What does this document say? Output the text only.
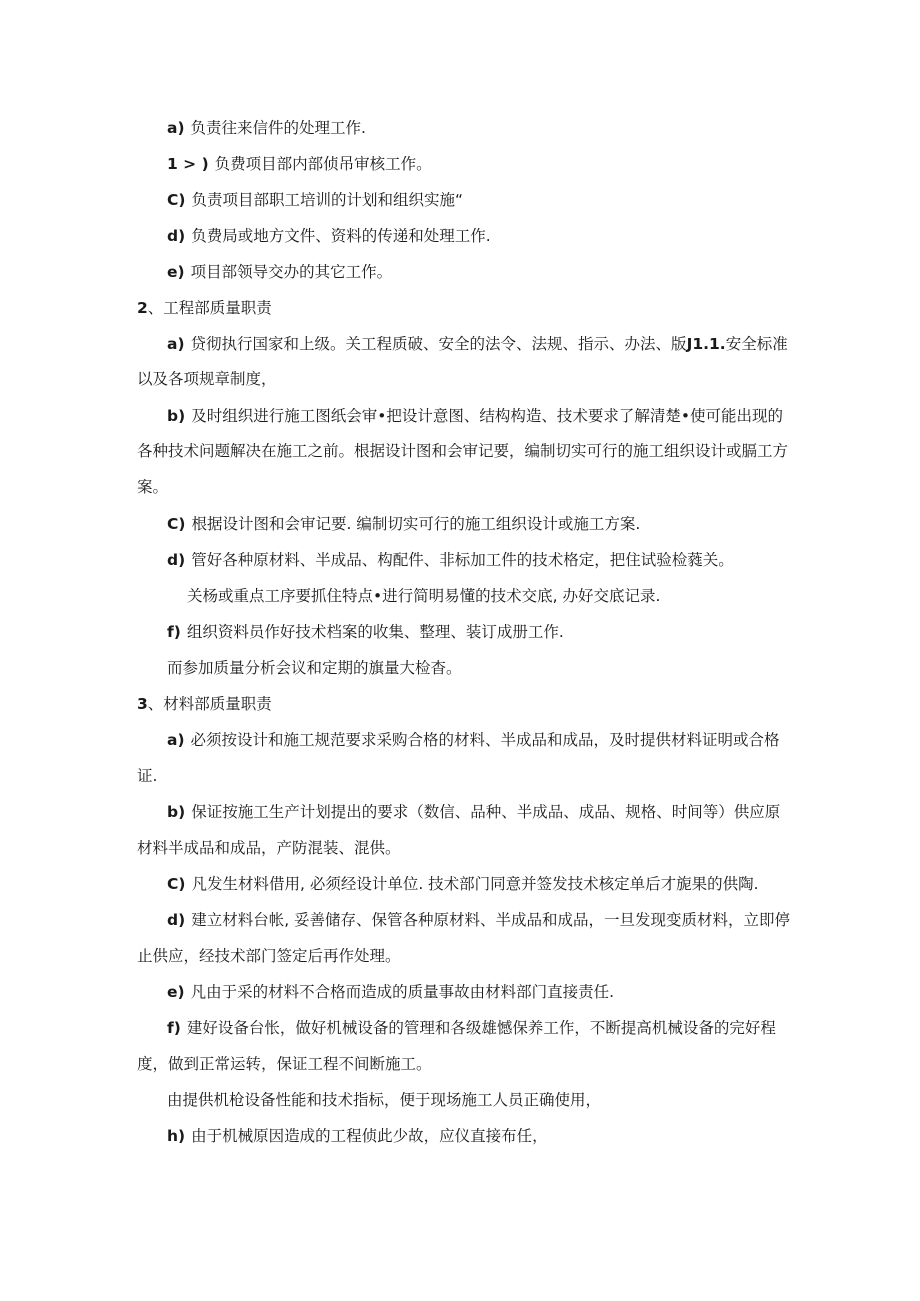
a) 负责往来信件的处理工作.
1 > ) 负费项目部内部侦吊审核工作。
C) 负责项目部职工培训的计划和组织实施“
d) 负费局或地方文件、资料的传递和处理工作.
e) 项目部领导交办的其它工作。
2、工程部质量职责
a) 贷彻执行国家和上级。关工程质破、安全的法令、法规、指示、办法、版J1.1.安全标准
以及各项规章制度，
b) 及时组织进行施工图纸会审•把设计意图、结构构造、技术要求了解清楚•使可能出现的
各种技术问题解决在施工之前。根据设计图和会审记要，编制切实可行的施工组织设计或膈工方
案。
C) 根据设计图和会审记要. 编制切实可行的施工组织设计或施工方案.
d) 管好各种原材料、半成品、构配件、非标加工件的技术格定，把住试验检蕤关。
关杨或重点工序要抓住特点•进行简明易懂的技术交底, 办好交底记录.
f) 组织资料员作好技术档案的收集、整理、装订成册工作.
而参加质量分析会议和定期的旗量大检杳。
3、材料部质量职责
a) 必须按设计和施工规范要求采购合格的材料、半成品和成品，及时提供材料证明或合格
证.
b) 保证按施工生产计划提出的要求（数信、品种、半成品、成品、规格、时间等）供应原
材料半成品和成品，产防混装、混供。
C) 凡发生材料借用, 必须经设计单位. 技术部门同意并签发技术核定单后才旎果的供陶.
d) 建立材料台帐, 妥善储存、保管各种原材料、半成品和成品，一旦发现变质材料，立即停
止供应，经技术部门签定后再作处理。
e) 凡由于采的材料不合格而造成的质量事故由材料部门直接责任.
f) 建好设备台怅，做好机械设备的管理和各级雄憾保养工作，不断提高机械设备的完好程
度，做到正常运转，保证工程不间断施工。
由提供机枪设备性能和技术指标，便于现场施工人员正确使用，
h) 由于机械原因造成的工程侦此少故，应仪直接布任，
